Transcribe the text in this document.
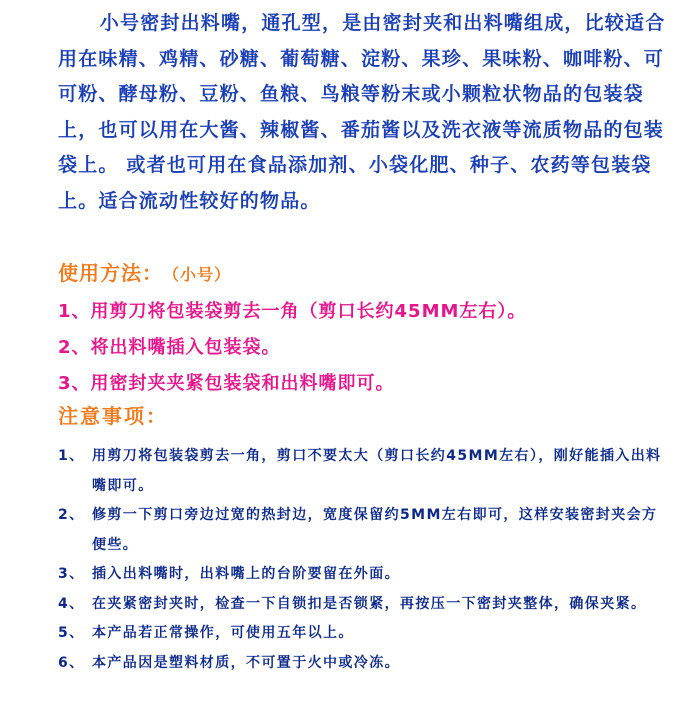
小号密封出料嘴，通孔型，是由密封夹和出料嘴组成，比较适合用在味精、鸡精、砂糖、葡萄糖、淀粉、果珍、果味粉、咖啡粉、可可粉、酵母粉、豆粉、鱼粮、鸟粮等粉末或小颗粒状物品的包装袋上，也可以用在大酱、辣椒酱、番茄酱以及洗衣液等流质物品的包装袋上。 或者也可用在食品添加剂、小袋化肥、种子、农药等包装袋上。适合流动性较好的物品。

使用方法： （小号）
1、用剪刀将包装袋剪去一角（剪口长约45MM左右）。
2、将出料嘴插入包装袋。
3、用密封夹夹紧包装袋和出料嘴即可。
注意事项：
1、 用剪刀将包装袋剪去一角，剪口不要太大（剪口长约45MM左右），刚好能插入出料嘴即可。
2、 修剪一下剪口旁边过宽的热封边，宽度保留约5MM左右即可，这样安装密封夹会方便些。
3、 插入出料嘴时，出料嘴上的台阶要留在外面。
4、 在夹紧密封夹时，检查一下自锁扣是否锁紧，再按压一下密封夹整体，确保夹紧。
5、 本产品若正常操作，可使用五年以上。
6、 本产品因是塑料材质，不可置于火中或冷冻。
